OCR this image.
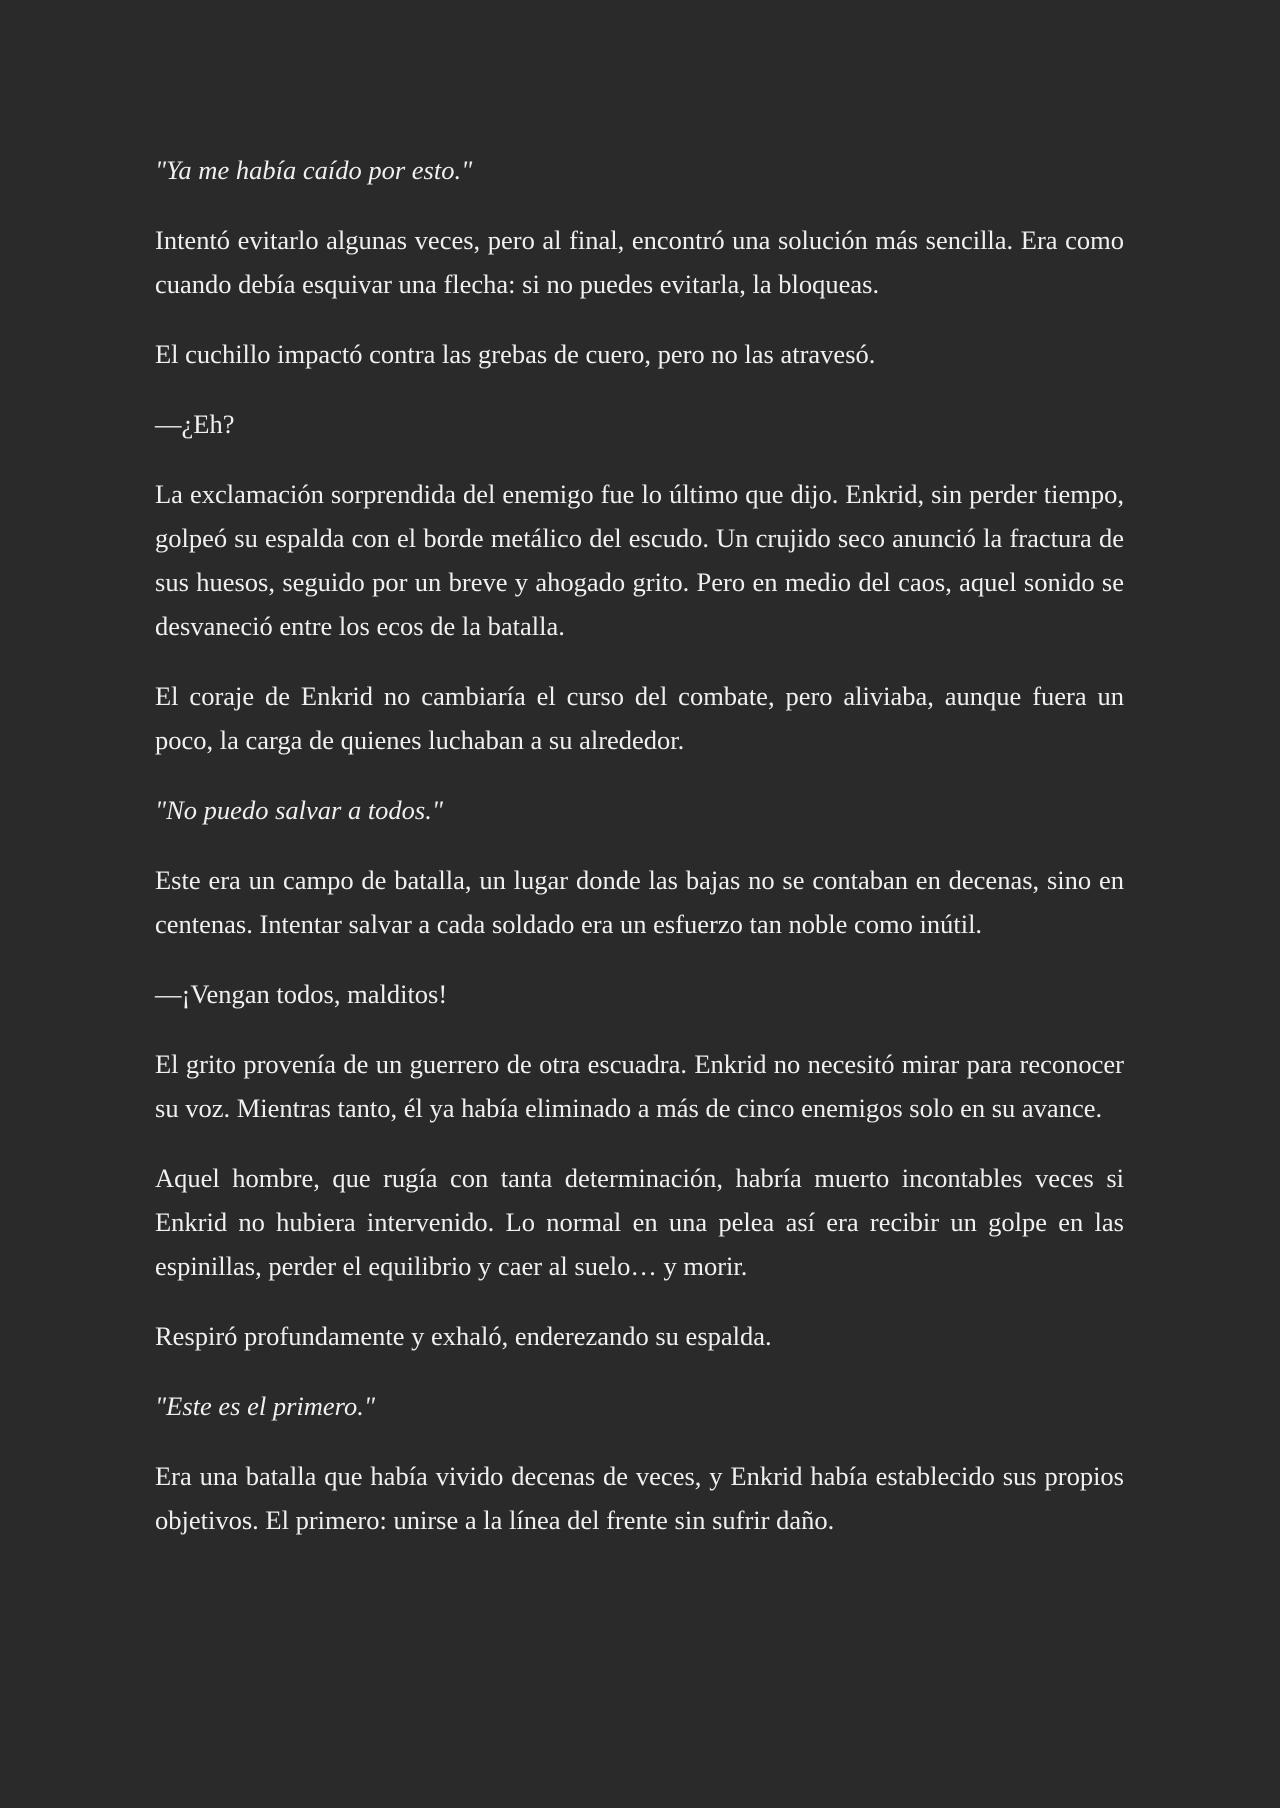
"Ya me había caído por esto."

Intentó evitarlo algunas veces, pero al final, encontró una solución más sencilla. Era como cuando debía esquivar una flecha: si no puedes evitarla, la bloqueas.

El cuchillo impactó contra las grebas de cuero, pero no las atravesó.

—¿Eh?

La exclamación sorprendida del enemigo fue lo último que dijo. Enkrid, sin perder tiempo, golpeó su espalda con el borde metálico del escudo. Un crujido seco anunció la fractura de sus huesos, seguido por un breve y ahogado grito. Pero en medio del caos, aquel sonido se desvaneció entre los ecos de la batalla.

El coraje de Enkrid no cambiaría el curso del combate, pero aliviaba, aunque fuera un poco, la carga de quienes luchaban a su alrededor.

"No puedo salvar a todos."

Este era un campo de batalla, un lugar donde las bajas no se contaban en decenas, sino en centenas. Intentar salvar a cada soldado era un esfuerzo tan noble como inútil.

—¡Vengan todos, malditos!

El grito provenía de un guerrero de otra escuadra. Enkrid no necesitó mirar para reconocer su voz. Mientras tanto, él ya había eliminado a más de cinco enemigos solo en su avance.

Aquel hombre, que rugía con tanta determinación, habría muerto incontables veces si Enkrid no hubiera intervenido. Lo normal en una pelea así era recibir un golpe en las espinillas, perder el equilibrio y caer al suelo… y morir.

Respiró profundamente y exhaló, enderezando su espalda.

"Este es el primero."

Era una batalla que había vivido decenas de veces, y Enkrid había establecido sus propios objetivos. El primero: unirse a la línea del frente sin sufrir daño.
